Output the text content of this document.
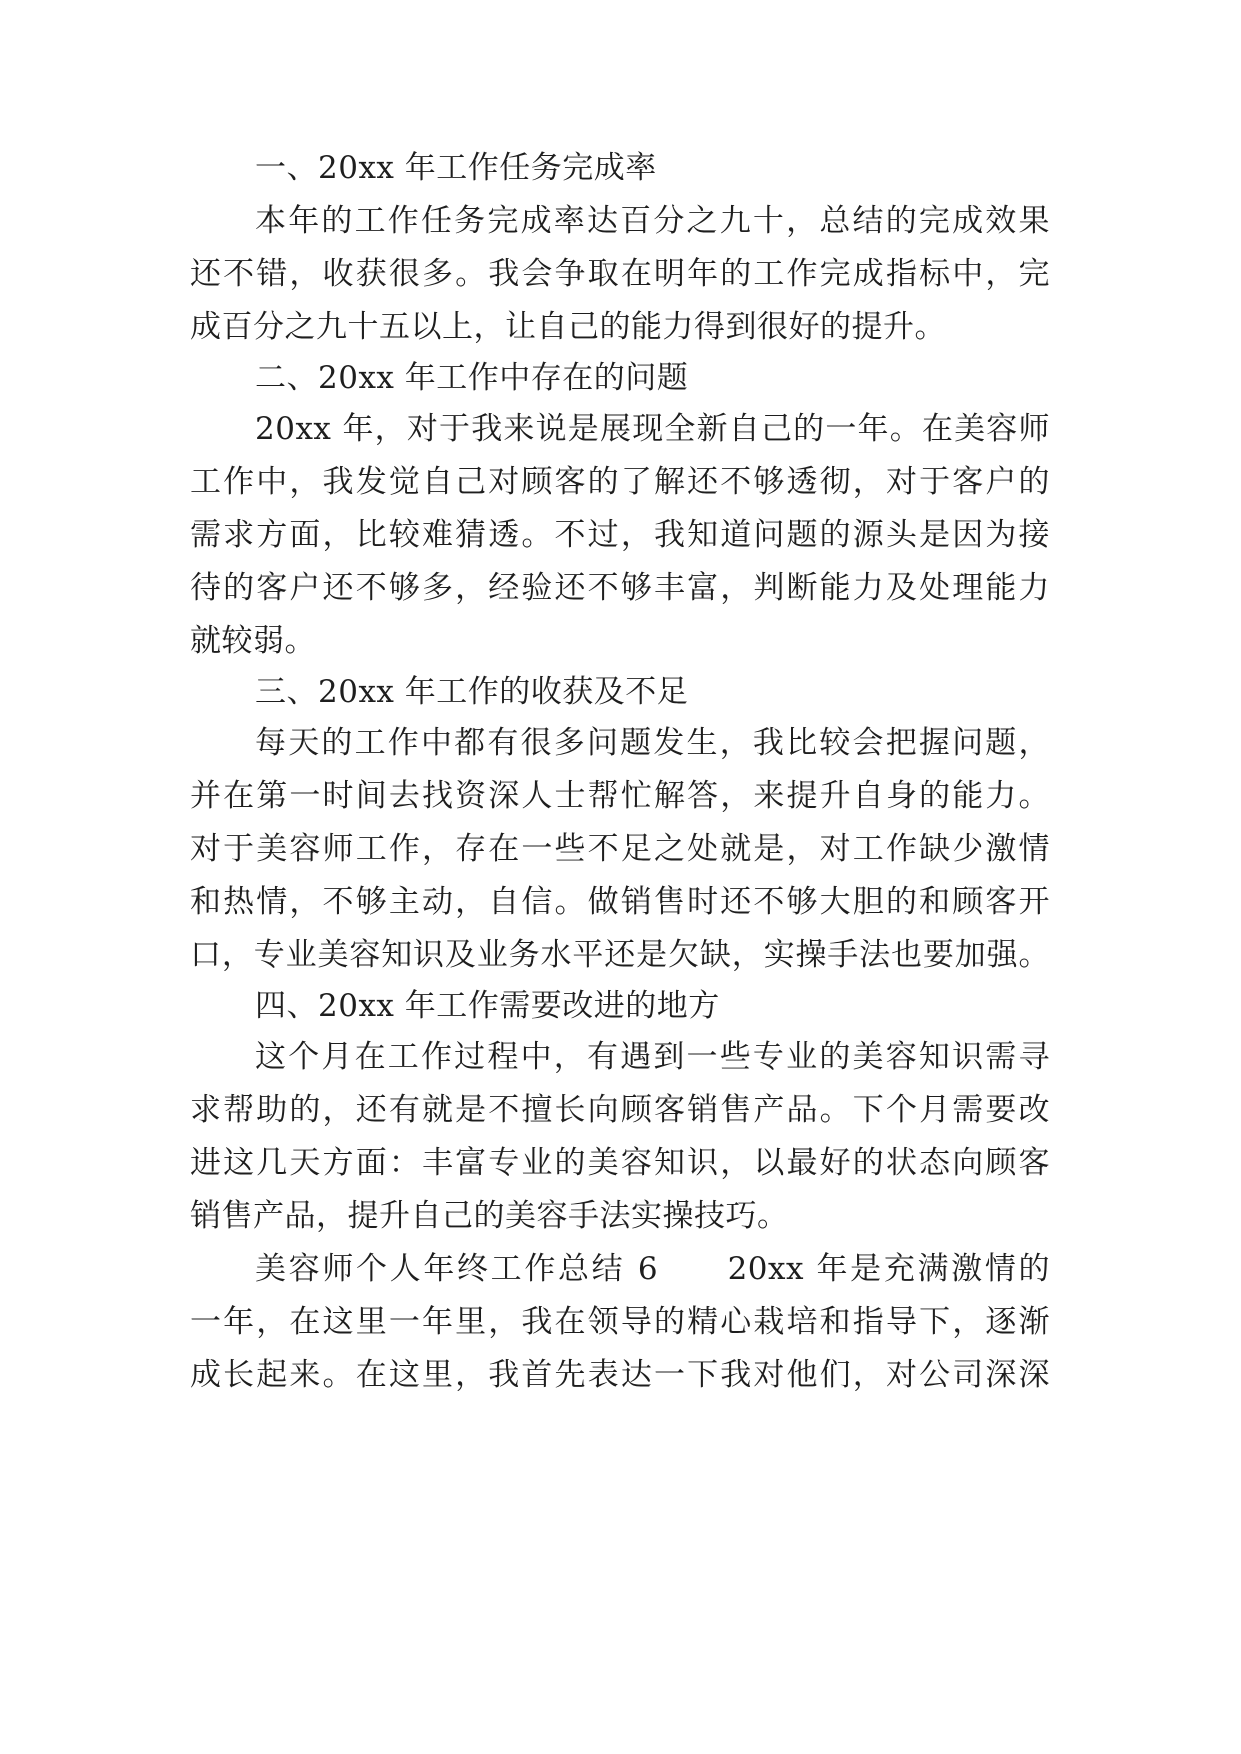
一、20xx 年工作任务完成率
本年的工作任务完成率达百分之九十，总结的完成效果
还不错，收获很多。我会争取在明年的工作完成指标中，完
成百分之九十五以上，让自己的能力得到很好的提升。
二、20xx 年工作中存在的问题
20xx 年，对于我来说是展现全新自己的一年。在美容师
工作中，我发觉自己对顾客的了解还不够透彻，对于客户的
需求方面，比较难猜透。不过，我知道问题的源头是因为接
待的客户还不够多，经验还不够丰富，判断能力及处理能力
就较弱。
三、20xx 年工作的收获及不足
每天的工作中都有很多问题发生，我比较会把握问题，
并在第一时间去找资深人士帮忙解答，来提升自身的能力。
对于美容师工作，存在一些不足之处就是，对工作缺少激情
和热情，不够主动，自信。做销售时还不够大胆的和顾客开
口，专业美容知识及业务水平还是欠缺，实操手法也要加强。
四、20xx 年工作需要改进的地方
这个月在工作过程中，有遇到一些专业的美容知识需寻
求帮助的，还有就是不擅长向顾客销售产品。下个月需要改
进这几天方面：丰富专业的美容知识，以最好的状态向顾客
销售产品，提升自己的美容手法实操技巧。
美容师个人年终工作总结 6　　20xx 年是充满激情的
一年，在这里一年里，我在领导的精心栽培和指导下，逐渐
成长起来。在这里，我首先表达一下我对他们，对公司深深
